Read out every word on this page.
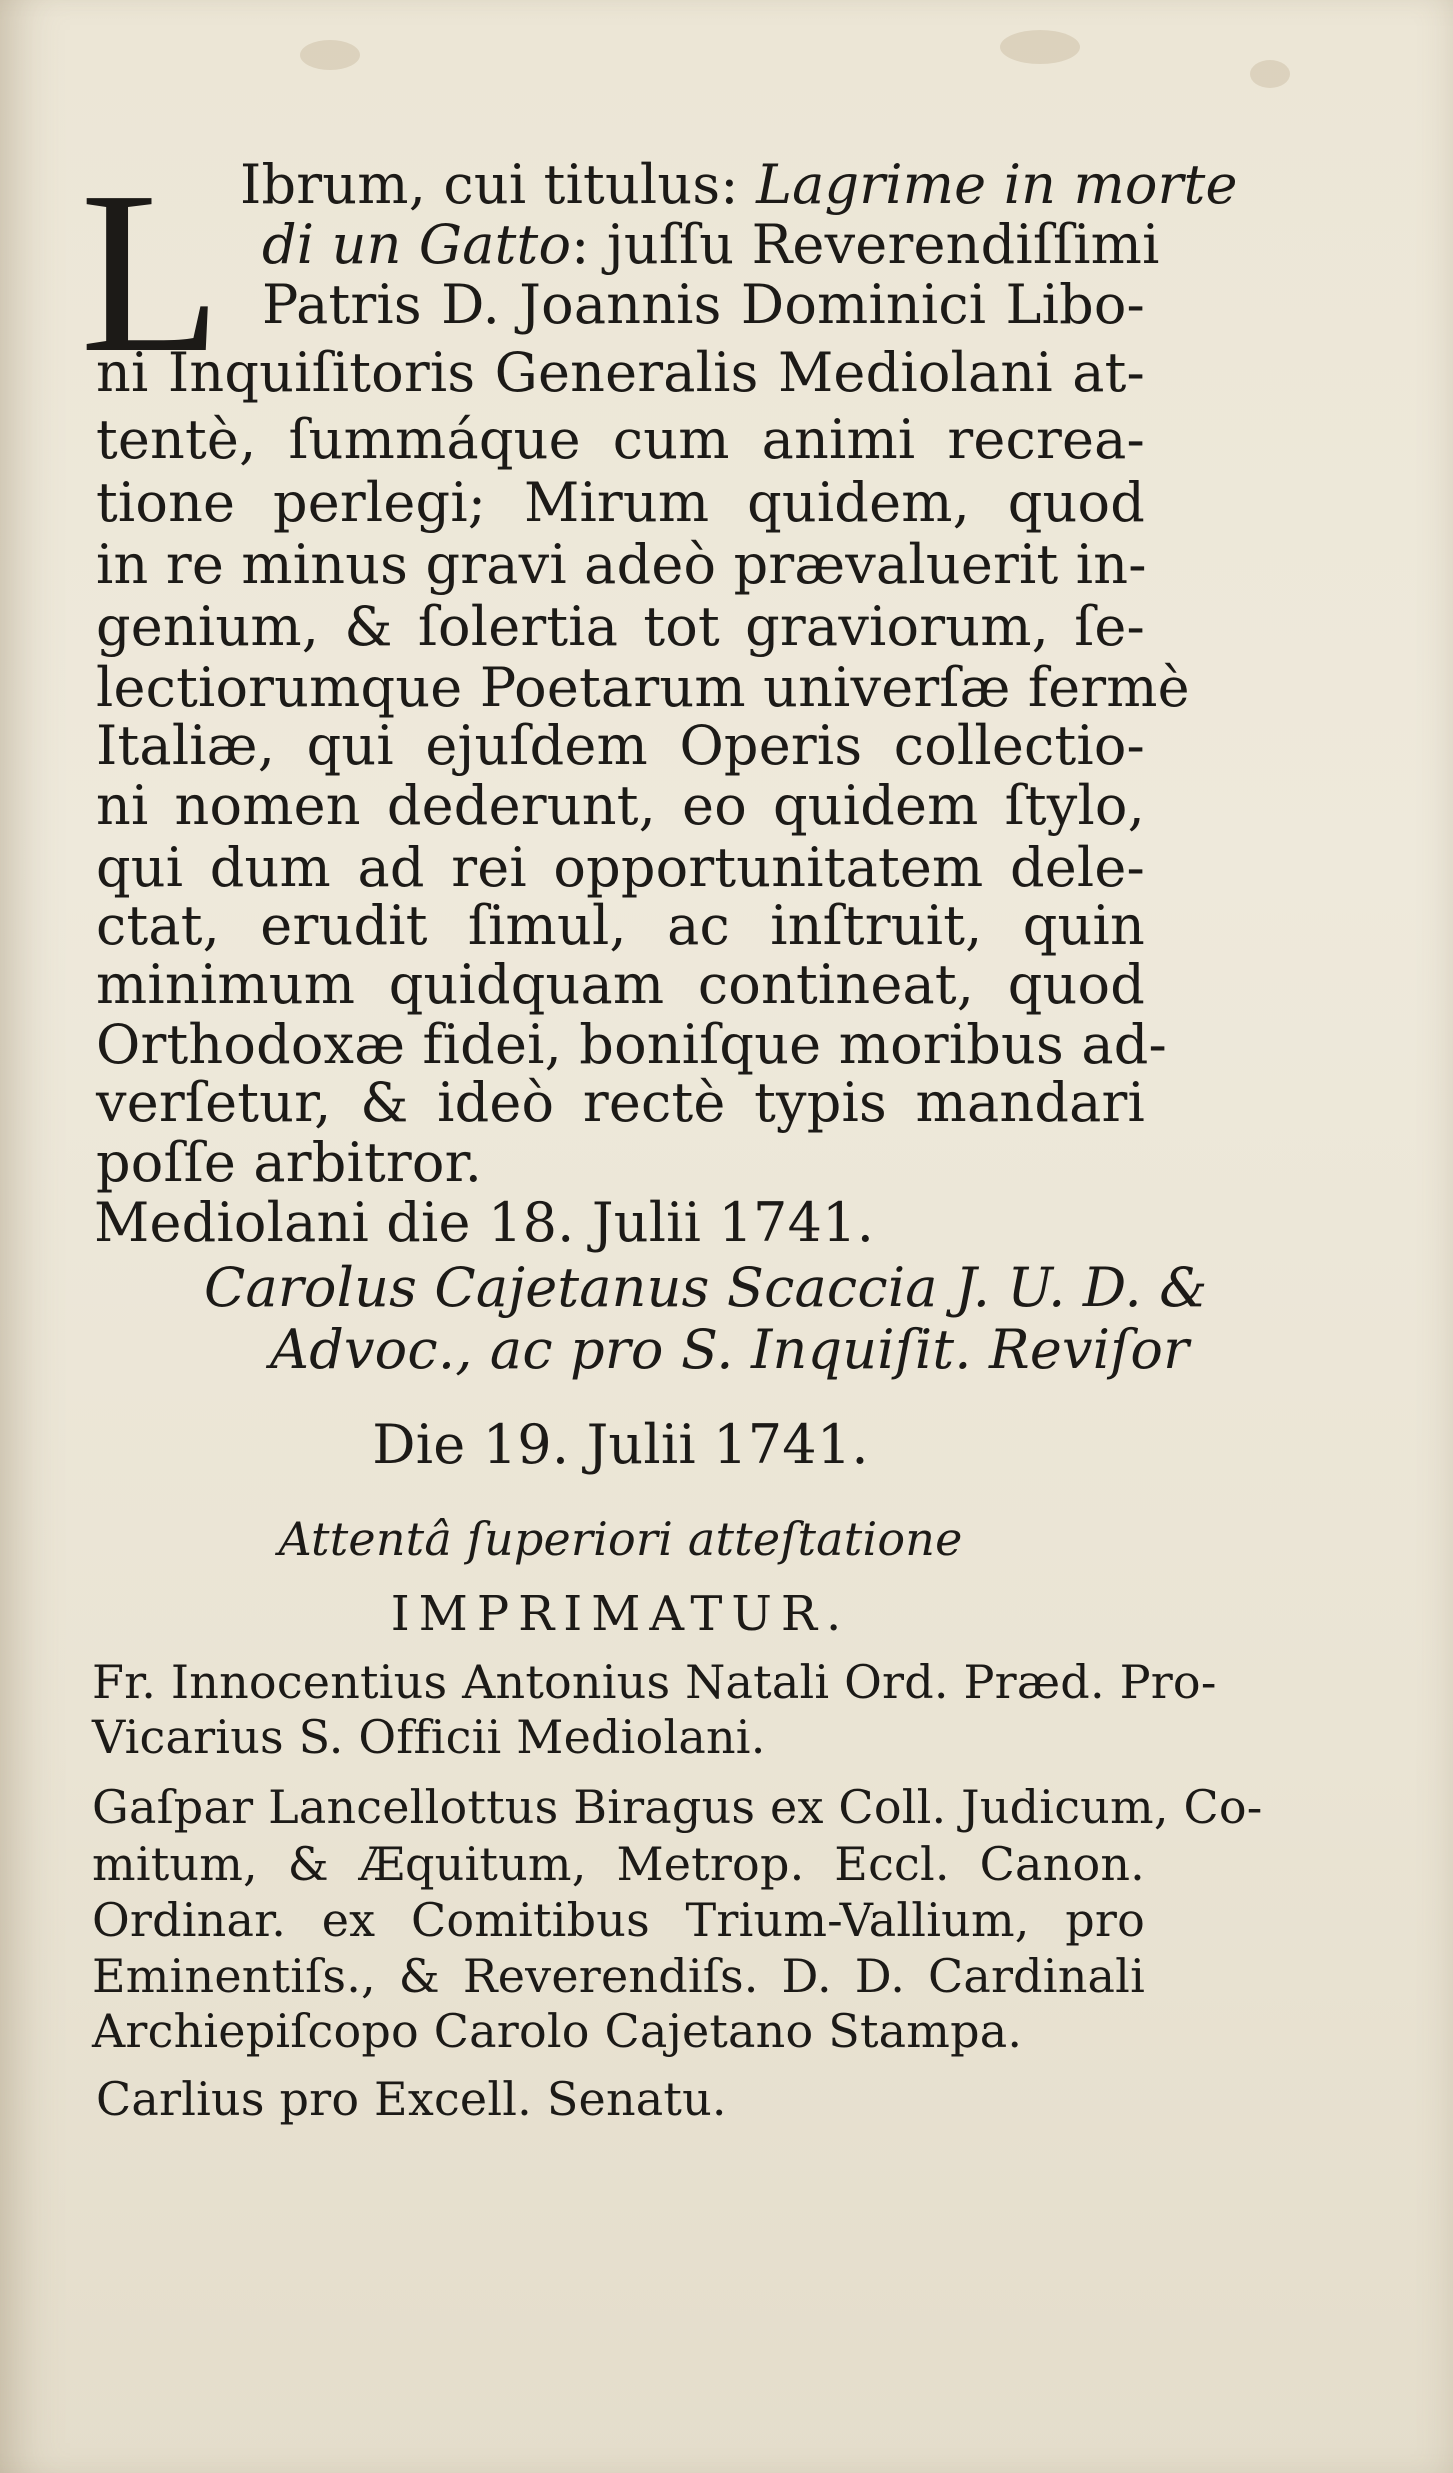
L Ibrum, cui titulus: Lagrime in morte
di un Gatto: juſſu Reverendiſſimi
Patris D. Joannis Dominici Libo-
ni Inquiſitoris Generalis Mediolani at-
tentè, ſummáque cum animi recrea-
tione perlegi; Mirum quidem, quod
in re minus gravi adeò prævaluerit in-
genium, & ſolertia tot graviorum, ſe-
lectiorumque Poetarum univerſæ fermè
Italiæ, qui ejuſdem Operis collectio-
ni nomen dederunt, eo quidem ſtylo,
qui dum ad rei opportunitatem dele-
ctat, erudit ſimul, ac inſtruit, quin
minimum quidquam contineat, quod
Orthodoxæ fidei, boniſque moribus ad-
verſetur, & ideò rectè typis mandari
poſſe arbitror.
Mediolani die 18. Julii 1741.
Carolus Cajetanus Scaccia J. U. D. &
Advoc., ac pro S. Inquiſit. Reviſor
Die 19. Julii 1741.
Attentâ ſuperiori atteſtatione
IMPRIMATUR.
Fr. Innocentius Antonius Natali Ord. Præd. Pro-
Vicarius S. Officii Mediolani.
Gaſpar Lancellottus Biragus ex Coll. Judicum, Co-
mitum, & Æquitum, Metrop. Eccl. Canon.
Ordinar. ex Comitibus Trium-Vallium, pro
Eminentiſs., & Reverendiſs. D. D. Cardinali
Archiepiſcopo Carolo Cajetano Stampa.
Carlius pro Excell. Senatu.
